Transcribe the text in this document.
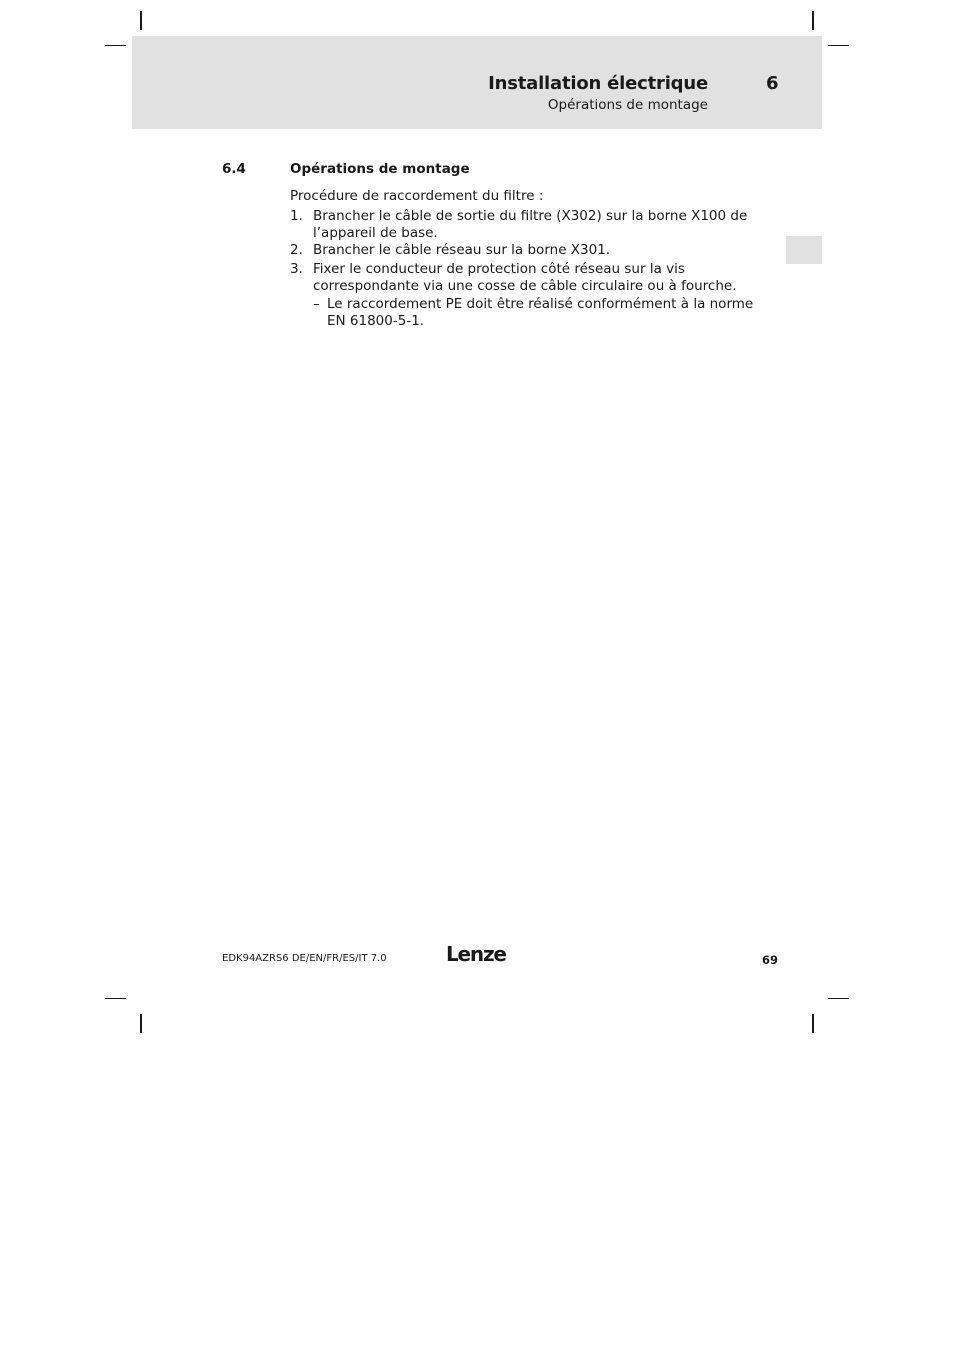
Installation électrique	6
Opérations de montage
6.4	Opérations de montage
Procédure de raccordement du filtre :
1. Brancher le câble de sortie du filtre (X302) sur la borne X100 de l’appareil de base.
2. Brancher le câble réseau sur la borne X301.
3. Fixer le conducteur de protection côté réseau sur la vis correspondante via une cosse de câble circulaire ou à fourche.
– Le raccordement PE doit être réalisé conformément à la norme EN 61800-5-1.
EDK94AZRS6 DE/EN/FR/ES/IT 7.0	Lenze	69
